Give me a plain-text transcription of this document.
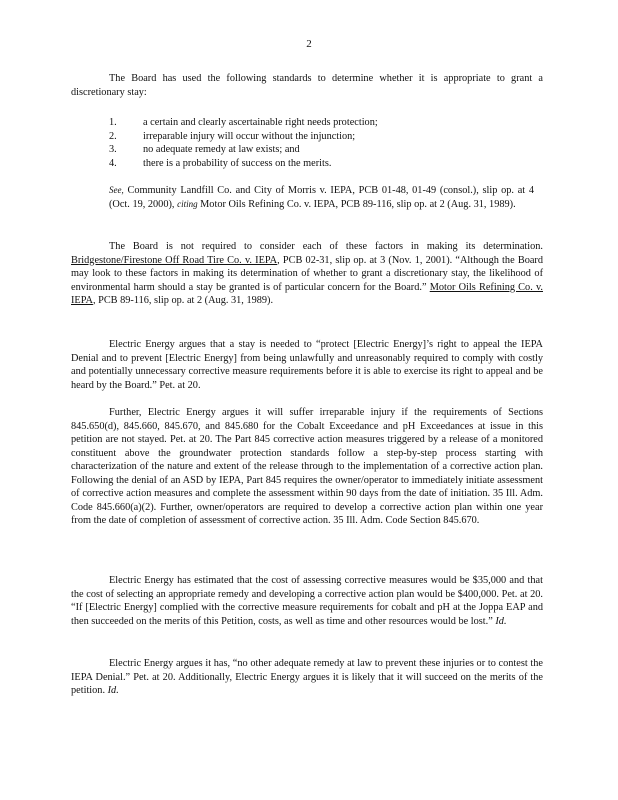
2

The Board has used the following standards to determine whether it is appropriate to grant a discretionary stay:

1.	a certain and clearly ascertainable right needs protection;
2.	irreparable injury will occur without the injunction;
3.	no adequate remedy at law exists; and
4.	there is a probability of success on the merits.

See, Community Landfill Co. and City of Morris v. IEPA, PCB 01-48, 01-49 (consol.), slip op. at 4 (Oct. 19, 2000), citing Motor Oils Refining Co. v. IEPA, PCB 89-116, slip op. at 2 (Aug. 31, 1989).

The Board is not required to consider each of these factors in making its determination. Bridgestone/Firestone Off Road Tire Co. v. IEPA, PCB 02-31, slip op. at 3 (Nov. 1, 2001). “Although the Board may look to these factors in making its determination of whether to grant a discretionary stay, the likelihood of environmental harm should a stay be granted is of particular concern for the Board.” Motor Oils Refining Co. v. IEPA, PCB 89-116, slip op. at 2 (Aug. 31, 1989).

Electric Energy argues that a stay is needed to “protect [Electric Energy]’s right to appeal the IEPA Denial and to prevent [Electric Energy] from being unlawfully and unreasonably required to comply with costly and potentially unnecessary corrective measure requirements before it is able to exercise its right to appeal and be heard by the Board.” Pet. at 20.

Further, Electric Energy argues it will suffer irreparable injury if the requirements of Sections 845.650(d), 845.660, 845.670, and 845.680 for the Cobalt Exceedance and pH Exceedances at issue in this petition are not stayed. Pet. at 20. The Part 845 corrective action measures triggered by a release of a monitored constituent above the groundwater protection standards follow a step-by-step process starting with characterization of the nature and extent of the release through to the implementation of a corrective action plan. Following the denial of an ASD by IEPA, Part 845 requires the owner/operator to immediately initiate assessment of corrective action measures and complete the assessment within 90 days from the date of initiation. 35 Ill. Adm. Code 845.660(a)(2). Further, owner/operators are required to develop a corrective action plan within one year from the date of completion of assessment of corrective action. 35 Ill. Adm. Code Section 845.670.

Electric Energy has estimated that the cost of assessing corrective measures would be $35,000 and that the cost of selecting an appropriate remedy and developing a corrective action plan would be $400,000. Pet. at 20. “If [Electric Energy] complied with the corrective measure requirements for cobalt and pH at the Joppa EAP and then succeeded on the merits of this Petition, costs, as well as time and other resources would be lost.” Id.

Electric Energy argues it has, “no other adequate remedy at law to prevent these injuries or to contest the IEPA Denial.” Pet. at 20. Additionally, Electric Energy argues it is likely that it will succeed on the merits of the petition. Id.
